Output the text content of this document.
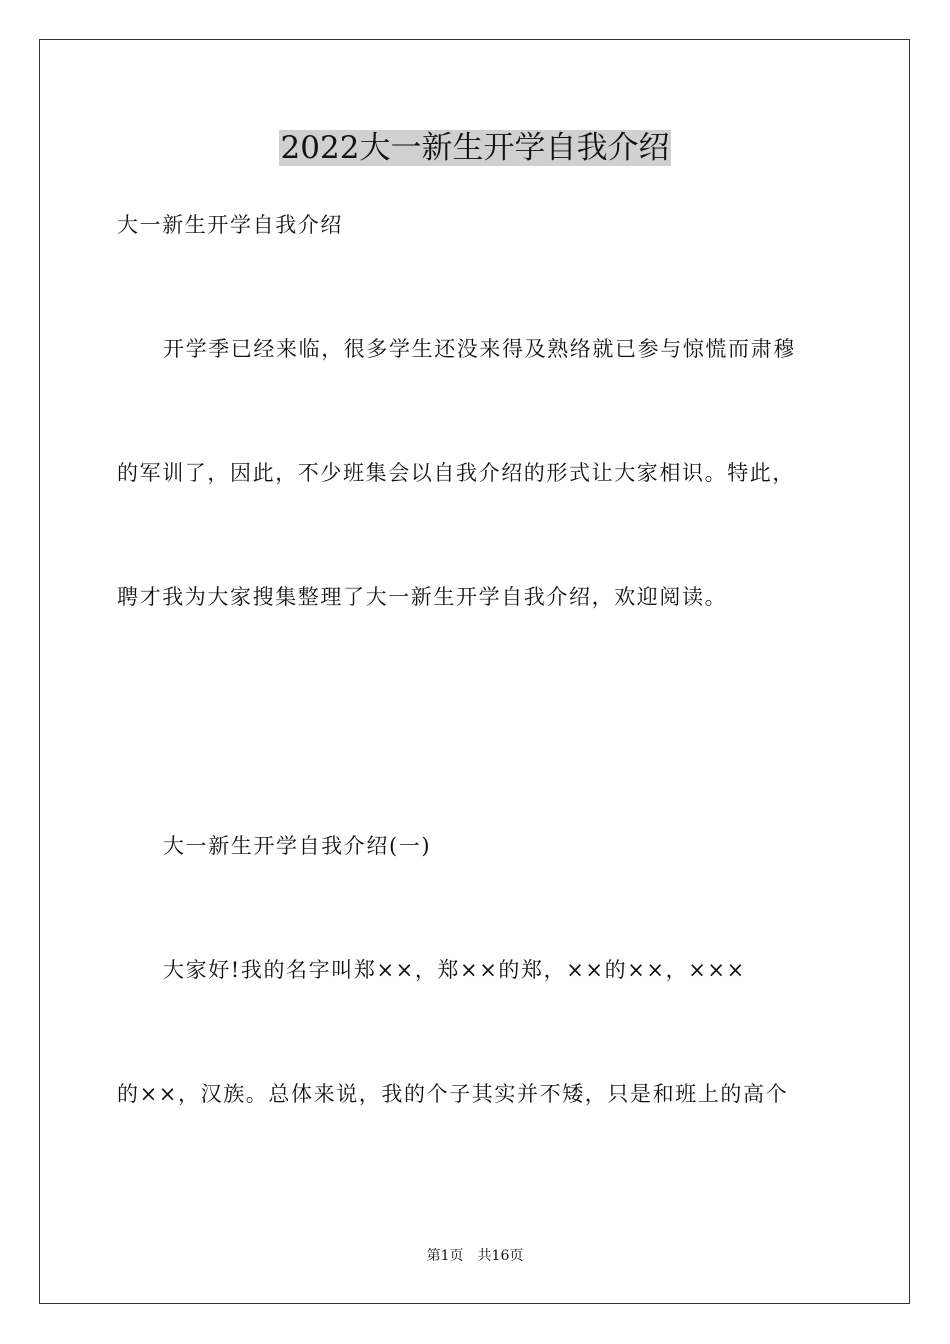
2022大一新生开学自我介绍

大一新生开学自我介绍

开学季已经来临，很多学生还没来得及熟络就已参与惊慌而肃穆

的军训了，因此，不少班集会以自我介绍的形式让大家相识。特此，

聘才我为大家搜集整理了大一新生开学自我介绍，欢迎阅读。

大一新生开学自我介绍(一)

大家好!我的名字叫郑××，郑××的郑，××的××，×××

的××，汉族。总体来说，我的个子其实并不矮，只是和班上的高个

第1页 共16页
